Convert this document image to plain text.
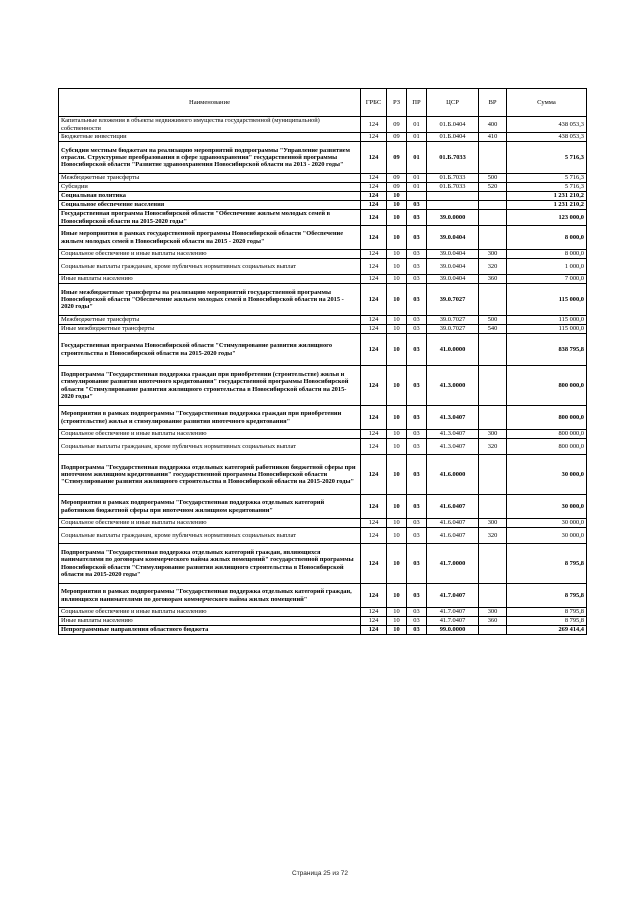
Наименование	ГРБС	РЗ	ПР	ЦСР	ВР	Сумма
Капитальные вложения в объекты недвижимого имущества государственной (муниципальной) собственности	124	09	01	01.Б.0404	400	438 053,3
Бюджетные инвестиции	124	09	01	01.Б.0404	410	438 053,3
Субсидии местным бюджетам на реализацию мероприятий подпрограммы "Управление развитием отрасли. Структурные преобразования в сфере здравоохранения" государственной программы Новосибирской области "Развитие здравоохранения Новосибирской области на 2013 - 2020 годы"	124	09	01	01.Б.7033		5 716,3
Межбюджетные трансферты	124	09	01	01.Б.7033	500	5 716,3
Субсидии	124	09	01	01.Б.7033	520	5 716,3
Социальная политика	124	10				1 231 210,2
Социальное обеспечение населения	124	10	03			1 231 210,2
Государственная программа Новосибирской области "Обеспечение жильем молодых семей в Новосибирской области на 2015-2020 годы"	124	10	03	39.0.0000		123 000,0
Иные мероприятия в рамках государственной программы Новосибирской области "Обеспечение жильем молодых семей в Новосибирской области на 2015 - 2020 годы"	124	10	03	39.0.0404		8 000,0
Социальное обеспечение и иные выплаты населению	124	10	03	39.0.0404	300	8 000,0
Социальные выплаты гражданам, кроме публичных нормативных социальных выплат	124	10	03	39.0.0404	320	1 000,0
Иные выплаты населению	124	10	03	39.0.0404	360	7 000,0
Иные межбюджетные трансферты на реализацию мероприятий государственной программы Новосибирской области "Обеспечение жильем молодых семей в Новосибирской области на 2015 - 2020 годы"	124	10	03	39.0.7027		115 000,0
Межбюджетные трансферты	124	10	03	39.0.7027	500	115 000,0
Иные межбюджетные трансферты	124	10	03	39.0.7027	540	115 000,0
Государственная программа Новосибирской области "Стимулирование развития жилищного строительства в Новосибирской области на 2015-2020 годы"	124	10	03	41.0.0000		838 795,8
Подпрограмма "Государственная поддержка граждан при приобретении (строительстве) жилья и стимулирование развития ипотечного кредитования" государственной программы Новосибирской области "Стимулирование развития жилищного строительства в Новосибирской области на 2015-2020 годы"	124	10	03	41.3.0000		800 000,0
Мероприятия в рамках подпрограммы "Государственная поддержка граждан при приобретении (строительстве) жилья и стимулирование развития ипотечного кредитования"	124	10	03	41.3.0407		800 000,0
Социальное обеспечение и иные выплаты населению	124	10	03	41.3.0407	300	800 000,0
Социальные выплаты гражданам, кроме публичных нормативных социальных выплат	124	10	03	41.3.0407	320	800 000,0
Подпрограмма "Государственная поддержка отдельных категорий работников бюджетной сферы при ипотечном жилищном кредитовании" государственной программы Новосибирской области "Стимулирование развития жилищного строительства в Новосибирской области на 2015-2020 годы"	124	10	03	41.6.0000		30 000,0
Мероприятия в рамках подпрограммы "Государственная поддержка отдельных категорий работников бюджетной сферы при ипотечном жилищном кредитовании"	124	10	03	41.6.0407		30 000,0
Социальное обеспечение и иные выплаты населению	124	10	03	41.6.0407	300	30 000,0
Социальные выплаты гражданам, кроме публичных нормативных социальных выплат	124	10	03	41.6.0407	320	30 000,0
Подпрограмма "Государственная поддержка отдельных категорий граждан, являющихся нанимателями по договорам коммерческого найма жилых помещений" государственной программы Новосибирской области "Стимулирование развития жилищного строительства в Новосибирской области на 2015-2020 годы"	124	10	03	41.7.0000		8 795,8
Мероприятия в рамках подпрограммы "Государственная поддержка отдельных категорий граждан, являющихся нанимателями по договорам коммерческого найма жилых помещений"	124	10	03	41.7.0407		8 795,8
Социальное обеспечение и иные выплаты населению	124	10	03	41.7.0407	300	8 795,8
Иные выплаты населению	124	10	03	41.7.0407	360	8 795,8
Непрограммные направления областного бюджета	124	10	03	99.0.0000		269 414,4
Страница 25 из 72
